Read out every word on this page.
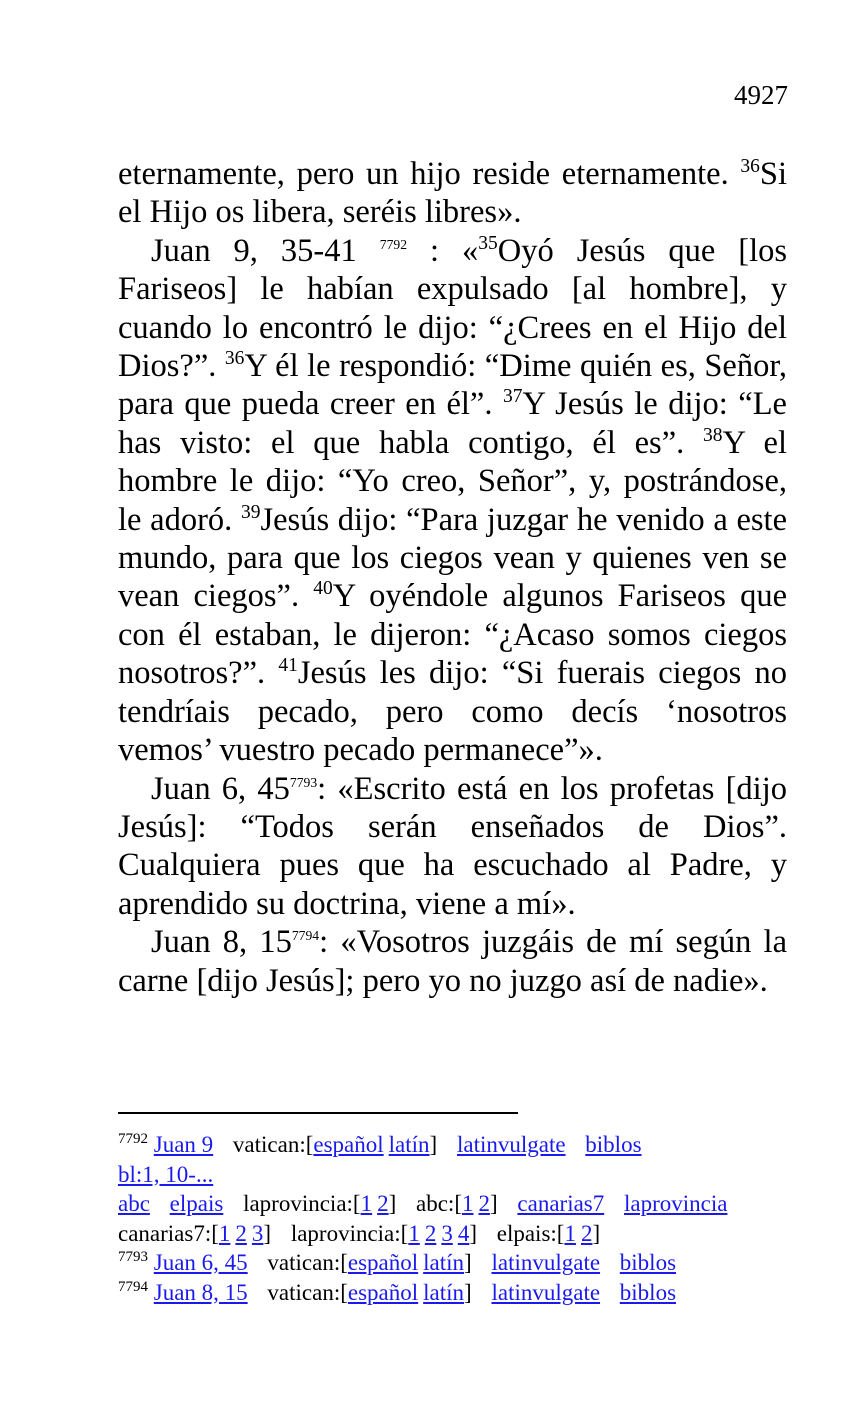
4927

eternamente, pero un hijo reside eternamente. $^{36}$Si el Hijo os libera, seréis libres».

Juan 9, 35-41 $^{7792}$ : «$^{35}$Oyó Jesús que [los Fariseos] le habían expulsado [al hombre], y cuando lo encontró le dijo: “¿Crees en el Hijo del Dios?”. $^{36}$Y él le respondió: “Dime quién es, Señor, para que pueda creer en él”. $^{37}$Y Jesús le dijo: “Le has visto: el que habla contigo, él es”. $^{38}$Y el hombre le dijo: “Yo creo, Señor”, y, postrándose, le adoró. $^{39}$Jesús dijo: “Para juzgar he venido a este mundo, para que los ciegos vean y quienes ven se vean ciegos”. $^{40}$Y oyéndole algunos Fariseos que con él estaban, le dijeron: “¿Acaso somos ciegos nosotros?”. $^{41}$Jesús les dijo: “Si fuerais ciegos no tendríais pecado, pero como decís ‘nosotros vemos’ vuestro pecado permanece”».

Juan 6, 45$^{7793}$: «Escrito está en los profetas [dijo Jesús]: “Todos serán enseñados de Dios”. Cualquiera pues que ha escuchado al Padre, y aprendido su doctrina, viene a mí».

Juan 8, 15$^{7794}$: «Vosotros juzgáis de mí según la carne [dijo Jesús]; pero yo no juzgo así de nadie».

$^{7792}$ Juan 9 vatican:[español latín] latinvulgate biblos
bl:1, 10-...
abc elpais laprovincia:[1 2] abc:[1 2] canarias7 laprovincia
canarias7:[1 2 3] laprovincia:[1 2 3 4] elpais:[1 2]
$^{7793}$ Juan 6, 45 vatican:[español latín] latinvulgate biblos
$^{7794}$ Juan 8, 15 vatican:[español latín] latinvulgate biblos
